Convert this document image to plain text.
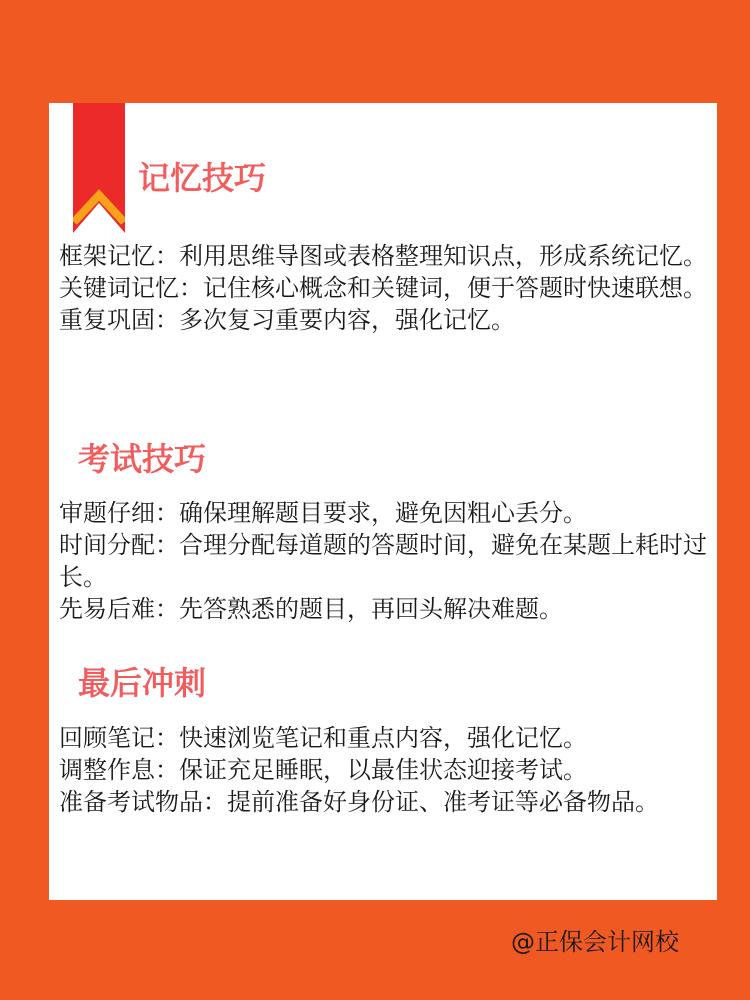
记忆技巧

框架记忆：利用思维导图或表格整理知识点，形成系统记忆。

关键词记忆：记住核心概念和关键词，便于答题时快速联想。

重复巩固：多次复习重要内容，强化记忆。

考试技巧

审题仔细：确保理解题目要求，避免因粗心丢分。

时间分配：合理分配每道题的答题时间，避免在某题上耗时过长。

先易后难：先答熟悉的题目，再回头解决难题。

最后冲刺

回顾笔记：快速浏览笔记和重点内容，强化记忆。

调整作息：保证充足睡眠，以最佳状态迎接考试。

准备考试物品：提前准备好身份证、准考证等必备物品。

@正保会计网校
